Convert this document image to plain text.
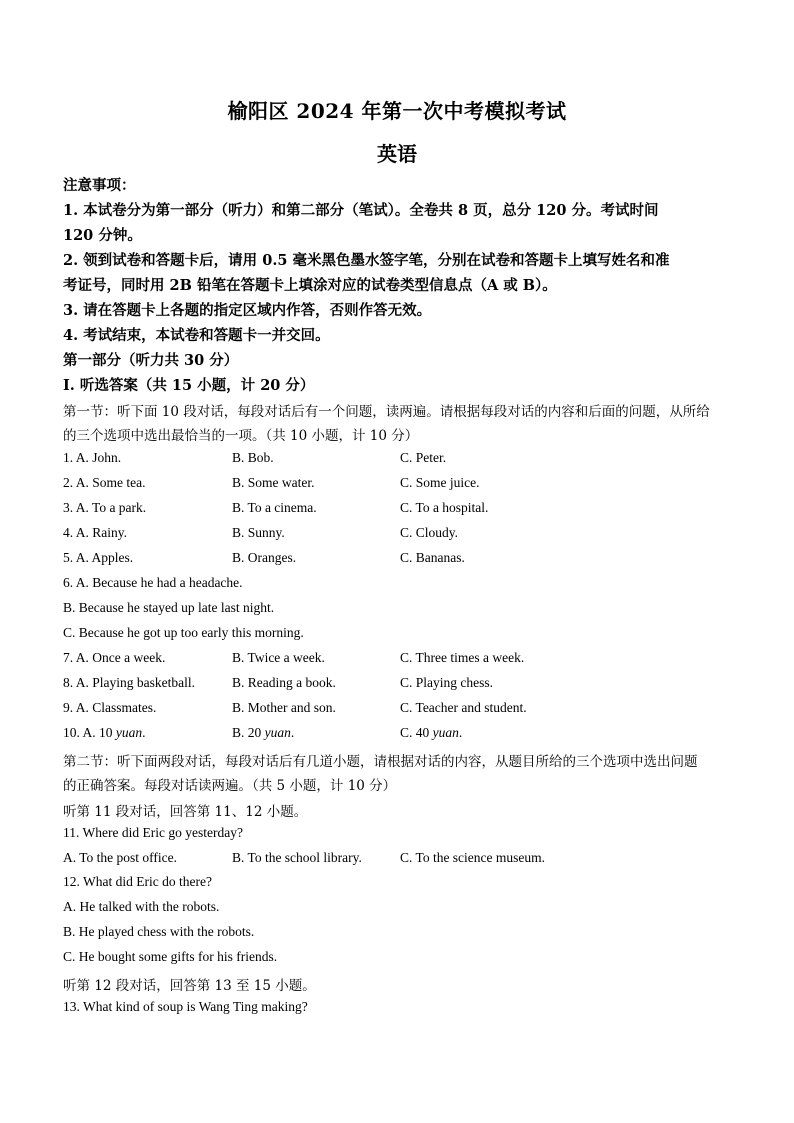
榆阳区 2024 年第一次中考模拟考试
英语
注意事项：
1. 本试卷分为第一部分（听力）和第二部分（笔试）。全卷共 8 页，总分 120 分。考试时间
120 分钟。
2. 领到试卷和答题卡后，请用 0.5 毫米黑色墨水签字笔，分别在试卷和答题卡上填写姓名和准
考证号，同时用 2B 铅笔在答题卡上填涂对应的试卷类型信息点（A 或 B）。
3. 请在答题卡上各题的指定区域内作答，否则作答无效。
4. 考试结束，本试卷和答题卡一并交回。
第一部分（听力共 30 分）
Ⅰ. 听选答案（共 15 小题，计 20 分）
第一节：听下面 10 段对话，每段对话后有一个问题，读两遍。请根据每段对话的内容和后面的问题，从所给
的三个选项中选出最恰当的一项。（共 10 小题，计 10 分）
1. A. John.	B. Bob.	C. Peter.
2. A. Some tea.	B. Some water.	C. Some juice.
3. A. To a park.	B. To a cinema.	C. To a hospital.
4. A. Rainy.	B. Sunny.	C. Cloudy.
5. A. Apples.	B. Oranges.	C. Bananas.
6. A. Because he had a headache.
B. Because he stayed up late last night.
C. Because he got up too early this morning.
7. A. Once a week.	B. Twice a week.	C. Three times a week.
8. A. Playing basketball.	B. Reading a book.	C. Playing chess.
9. A. Classmates.	B. Mother and son.	C. Teacher and student.
10. A. 10 yuan.	B. 20 yuan.	C. 40 yuan.
第二节：听下面两段对话，每段对话后有几道小题，请根据对话的内容，从题目所给的三个选项中选出问题
的正确答案。每段对话读两遍。（共 5 小题，计 10 分）
听第 11 段对话，回答第 11、12 小题。
11. Where did Eric go yesterday?
A. To the post office.	B. To the school library.	C. To the science museum.
12. What did Eric do there?
A. He talked with the robots.
B. He played chess with the robots.
C. He bought some gifts for his friends.
听第 12 段对话，回答第 13 至 15 小题。
13. What kind of soup is Wang Ting making?
